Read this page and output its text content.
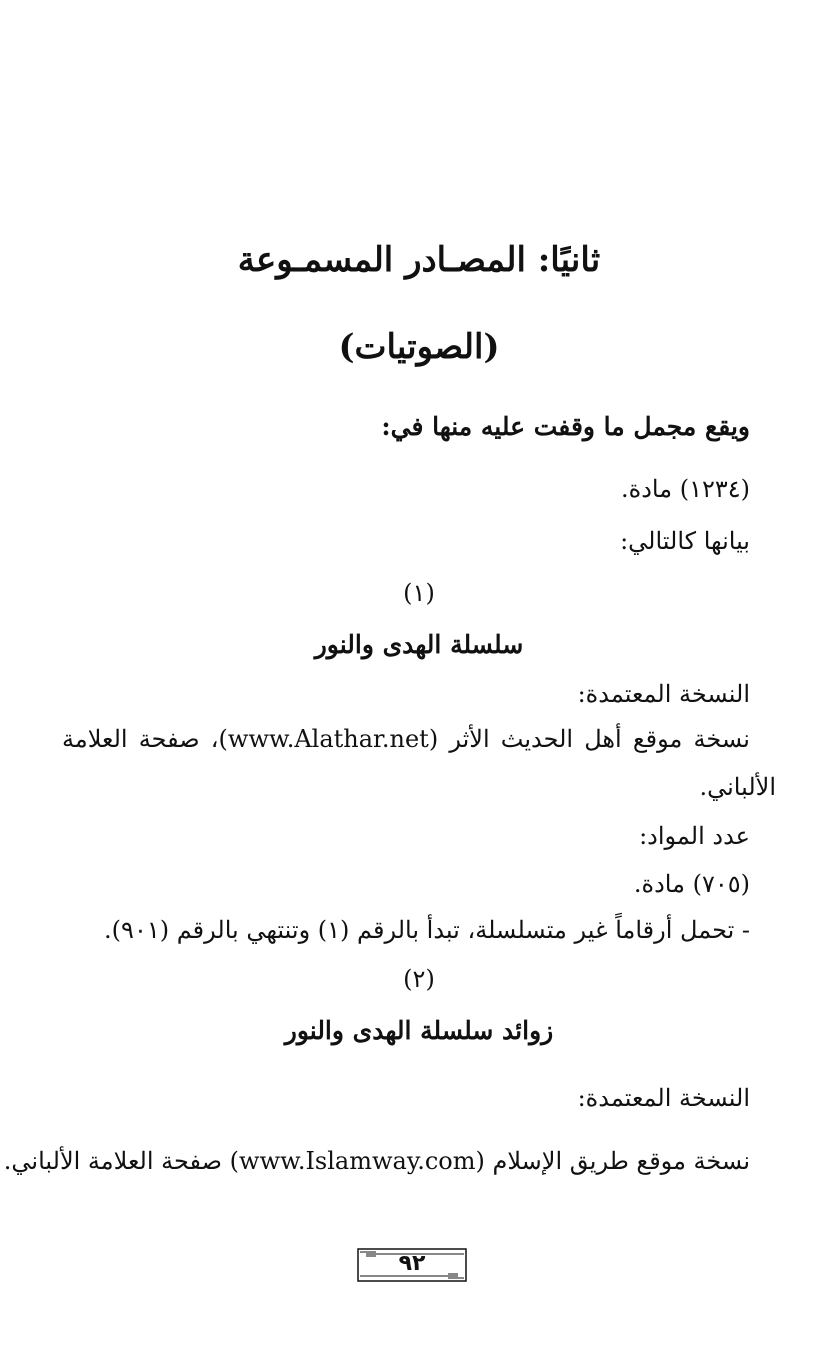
ثانيًا: المصـادر المسمـوعة
(الصوتيات)
ويقع مجمل ما وقفت عليه منها في:
(١٢٣٤) مادة.
بيانها كالتالي:
(١)
سلسلة الهدى والنور
النسخة المعتمدة:
نسخة موقع أهل الحديث الأثر (www.Alathar.net)، صفحة العلامة
الألباني.
عدد المواد:
(٧٠٥) مادة.
- تحمل أرقاماً غير متسلسلة، تبدأ بالرقم (١) وتنتهي بالرقم (٩٠١).
(٢)
زوائد سلسلة الهدى والنور
النسخة المعتمدة:
نسخة موقع طريق الإسلام (www.Islamway.com) صفحة العلامة الألباني.
٩٢
